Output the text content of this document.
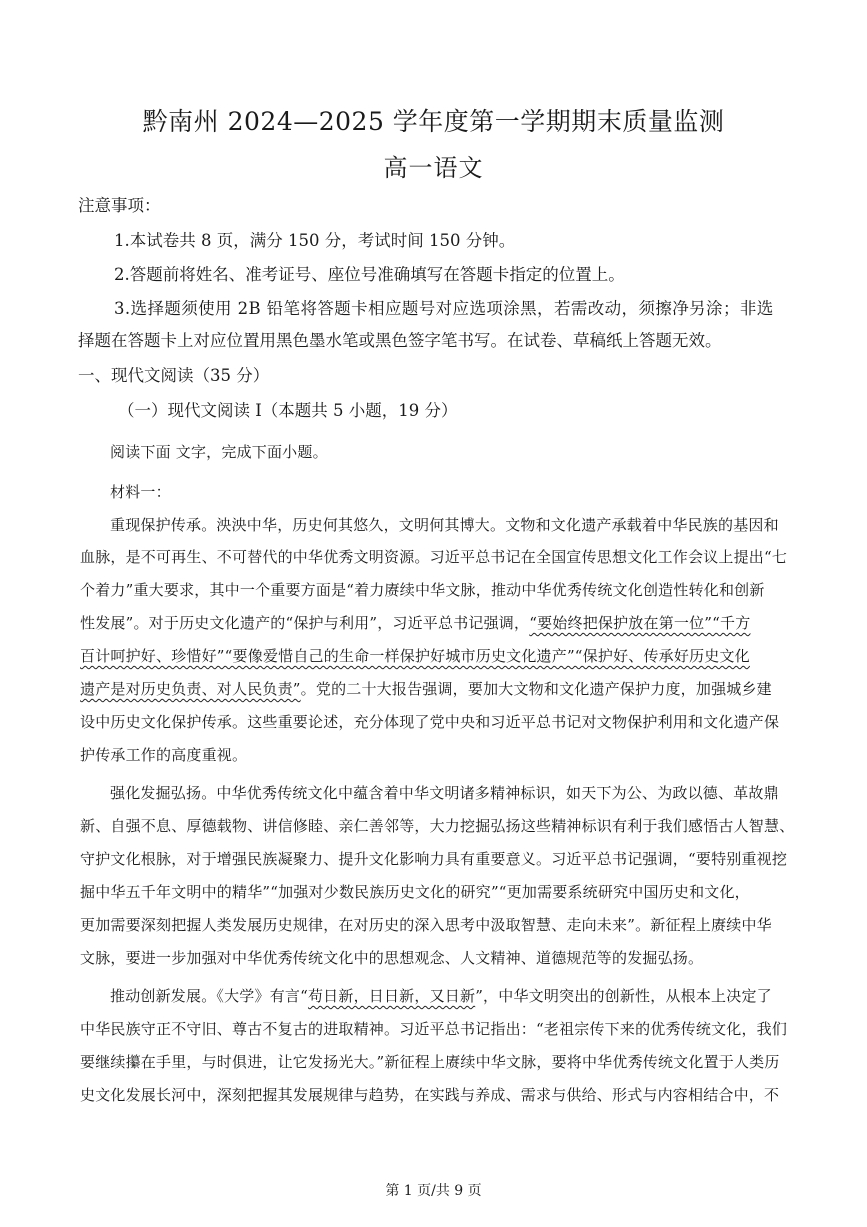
黔南州 2024—2025 学年度第一学期期末质量监测
高一语文
注意事项：
1.本试卷共 8 页，满分 150 分，考试时间 150 分钟。
2.答题前将姓名、准考证号、座位号准确填写在答题卡指定的位置上。
3.选择题须使用 2B 铅笔将答题卡相应题号对应选项涂黑，若需改动，须擦净另涂；非选
择题在答题卡上对应位置用黑色墨水笔或黑色签字笔书写。在试卷、草稿纸上答题无效。
一、现代文阅读（35 分）
（一）现代文阅读 I（本题共 5 小题，19 分）
阅读下面 文字，完成下面小题。
材料一：
重现保护传承。泱泱中华，历史何其悠久，文明何其博大。文物和文化遗产承载着中华民族的基因和
血脉，是不可再生、不可替代的中华优秀文明资源。习近平总书记在全国宣传思想文化工作会议上提出“七
个着力”重大要求，其中一个重要方面是“着力赓续中华文脉，推动中华优秀传统文化创造性转化和创新
性发展”。对于历史文化遗产的“保护与利用”，习近平总书记强调，“要始终把保护放在第一位”“千方
百计呵护好、珍惜好”“要像爱惜自己的生命一样保护好城市历史文化遗产”“保护好、传承好历史文化
遗产是对历史负责、对人民负责”。党的二十大报告强调，要加大文物和文化遗产保护力度，加强城乡建
设中历史文化保护传承。这些重要论述，充分体现了党中央和习近平总书记对文物保护利用和文化遗产保
护传承工作的高度重视。
强化发掘弘扬。中华优秀传统文化中蕴含着中华文明诸多精神标识，如天下为公、为政以德、革故鼎
新、自强不息、厚德载物、讲信修睦、亲仁善邻等，大力挖掘弘扬这些精神标识有利于我们感悟古人智慧、
守护文化根脉，对于增强民族凝聚力、提升文化影响力具有重要意义。习近平总书记强调，“要特别重视挖
掘中华五千年文明中的精华”“加强对少数民族历史文化的研究”“更加需要系统研究中国历史和文化，
更加需要深刻把握人类发展历史规律，在对历史的深入思考中汲取智慧、走向未来”。新征程上赓续中华
文脉，要进一步加强对中华优秀传统文化中的思想观念、人文精神、道德规范等的发掘弘扬。
推动创新发展。《大学》有言“苟日新，日日新，又日新”，中华文明突出的创新性，从根本上决定了
中华民族守正不守旧、尊古不复古的进取精神。习近平总书记指出：“老祖宗传下来的优秀传统文化，我们
要继续攥在手里，与时俱进，让它发扬光大。”新征程上赓续中华文脉，要将中华优秀传统文化置于人类历
史文化发展长河中，深刻把握其发展规律与趋势，在实践与养成、需求与供给、形式与内容相结合中，不
第 1 页/共 9 页
